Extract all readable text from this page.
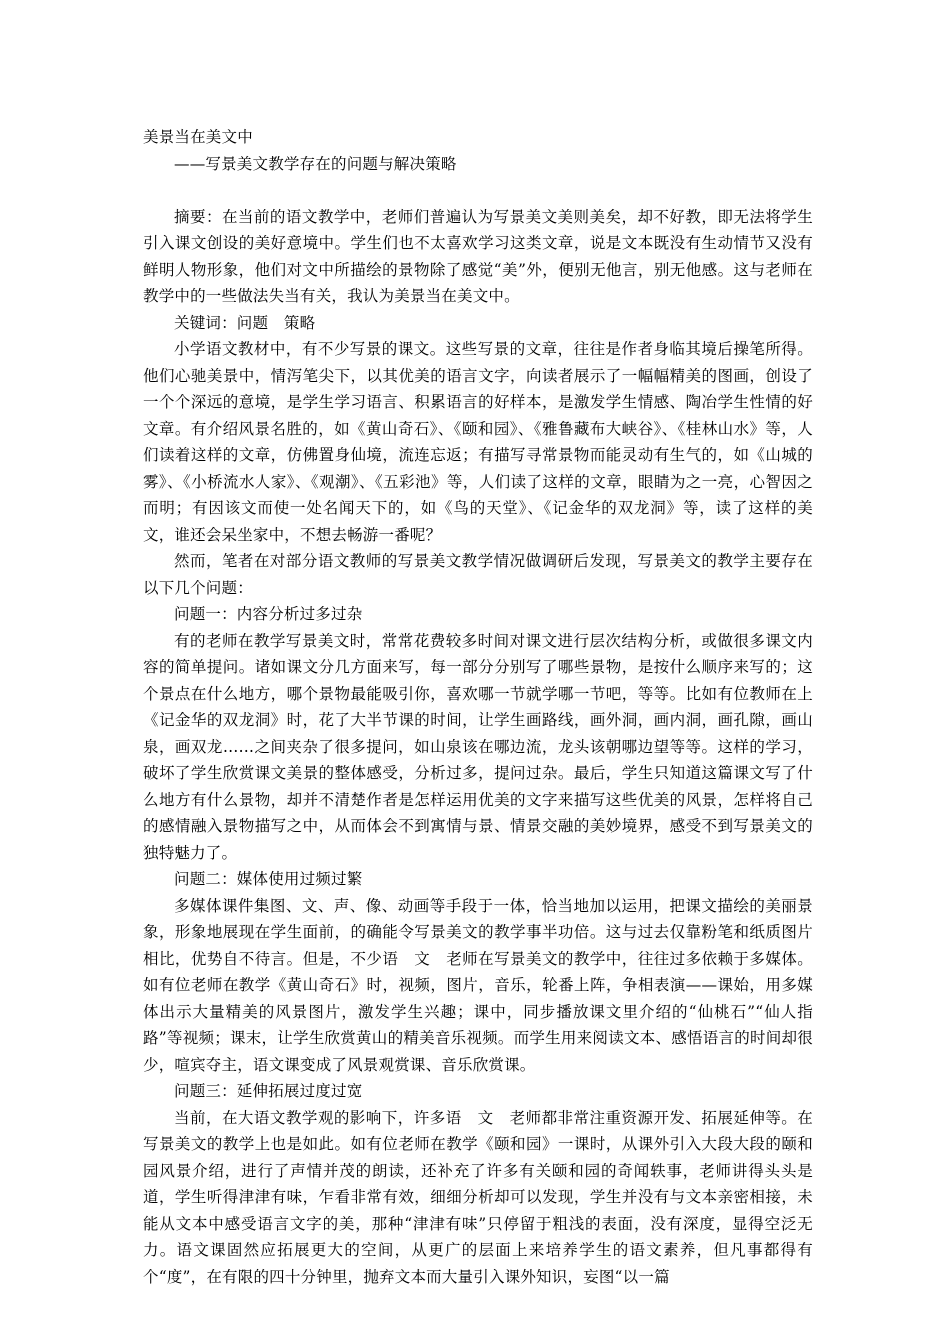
美景当在美文中
——写景美文教学存在的问题与解决策略

摘要：在当前的语文教学中，老师们普遍认为写景美文美则美矣，却不好教，即无法将学生引入课文创设的美好意境中。学生们也不太喜欢学习这类文章，说是文本既没有生动情节又没有鲜明人物形象，他们对文中所描绘的景物除了感觉“美”外，便别无他言，别无他感。这与老师在教学中的一些做法失当有关，我认为美景当在美文中。

关键词：问题　策略

小学语文教材中，有不少写景的课文。这些写景的文章，往往是作者身临其境后操笔所得。他们心驰美景中，情泻笔尖下，以其优美的语言文字，向读者展示了一幅幅精美的图画，创设了一个个深远的意境，是学生学习语言、积累语言的好样本，是激发学生情感、陶冶学生性情的好文章。有介绍风景名胜的，如《黄山奇石》、《颐和园》、《雅鲁藏布大峡谷》、《桂林山水》等，人们读着这样的文章，仿佛置身仙境，流连忘返；有描写寻常景物而能灵动有生气的，如《山城的雾》、《小桥流水人家》、《观潮》、《五彩池》等，人们读了这样的文章，眼睛为之一亮，心智因之而明；有因该文而使一处名闻天下的，如《鸟的天堂》、《记金华的双龙洞》等，读了这样的美文，谁还会呆坐家中，不想去畅游一番呢？

然而，笔者在对部分语文教师的写景美文教学情况做调研后发现，写景美文的教学主要存在以下几个问题：

问题一：内容分析过多过杂

有的老师在教学写景美文时，常常花费较多时间对课文进行层次结构分析，或做很多课文内容的简单提问。诸如课文分几方面来写，每一部分分别写了哪些景物，是按什么顺序来写的；这个景点在什么地方，哪个景物最能吸引你，喜欢哪一节就学哪一节吧，等等。比如有位教师在上《记金华的双龙洞》时，花了大半节课的时间，让学生画路线，画外洞，画内洞，画孔隙，画山泉，画双龙……之间夹杂了很多提问，如山泉该在哪边流，龙头该朝哪边望等等。这样的学习，破坏了学生欣赏课文美景的整体感受，分析过多，提问过杂。最后，学生只知道这篇课文写了什么地方有什么景物，却并不清楚作者是怎样运用优美的文字来描写这些优美的风景，怎样将自己的感情融入景物描写之中，从而体会不到寓情与景、情景交融的美妙境界，感受不到写景美文的独特魅力了。

问题二：媒体使用过频过繁

多媒体课件集图、文、声、像、动画等手段于一体，恰当地加以运用，把课文描绘的美丽景象，形象地展现在学生面前，的确能令写景美文的教学事半功倍。这与过去仅靠粉笔和纸质图片相比，优势自不待言。但是，不少语　文　老师在写景美文的教学中，往往过多依赖于多媒体。如有位老师在教学《黄山奇石》时，视频，图片，音乐，轮番上阵，争相表演——课始，用多媒体出示大量精美的风景图片，激发学生兴趣；课中，同步播放课文里介绍的“仙桃石”“仙人指路”等视频；课末，让学生欣赏黄山的精美音乐视频。而学生用来阅读文本、感悟语言的时间却很少，喧宾夺主，语文课变成了风景观赏课、音乐欣赏课。

问题三：延伸拓展过度过宽

当前，在大语文教学观的影响下，许多语　文　老师都非常注重资源开发、拓展延伸等。在写景美文的教学上也是如此。如有位老师在教学《颐和园》一课时，从课外引入大段大段的颐和园风景介绍，进行了声情并茂的朗读，还补充了许多有关颐和园的奇闻轶事，老师讲得头头是道，学生听得津津有味，乍看非常有效，细细分析却可以发现，学生并没有与文本亲密相接，未能从文本中感受语言文字的美，那种“津津有味”只停留于粗浅的表面，没有深度，显得空泛无力。语文课固然应拓展更大的空间，从更广的层面上来培养学生的语文素养，但凡事都得有个“度”，在有限的四十分钟里，抛弃文本而大量引入课外知识，妄图“以一篇
